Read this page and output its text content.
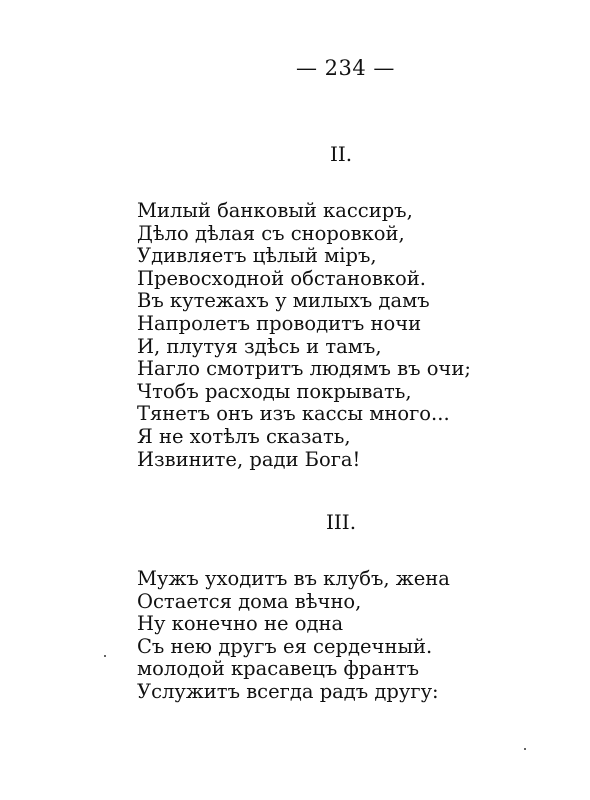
— 234 —
II.
Милый банковый кассиръ,
Дѣло дѣлая съ сноровкой,
Удивляетъ цѣлый міръ,
Превосходной обстановкой.
Въ кутежахъ у милыхъ дамъ
Напролетъ проводитъ ночи
И, плутуя здѣсь и тамъ,
Нагло смотритъ людямъ въ очи;
Чтобъ расходы покрывать,
Тянетъ онъ изъ кассы много...
Я не хотѣлъ сказать,
Извините, ради Бога!
III.
Мужъ уходитъ въ клубъ, жена
Остается дома вѣчно,
Ну конечно не одна
Съ нею другъ ея сердечный.
молодой красавецъ франтъ
Услужитъ всегда радъ другу:
